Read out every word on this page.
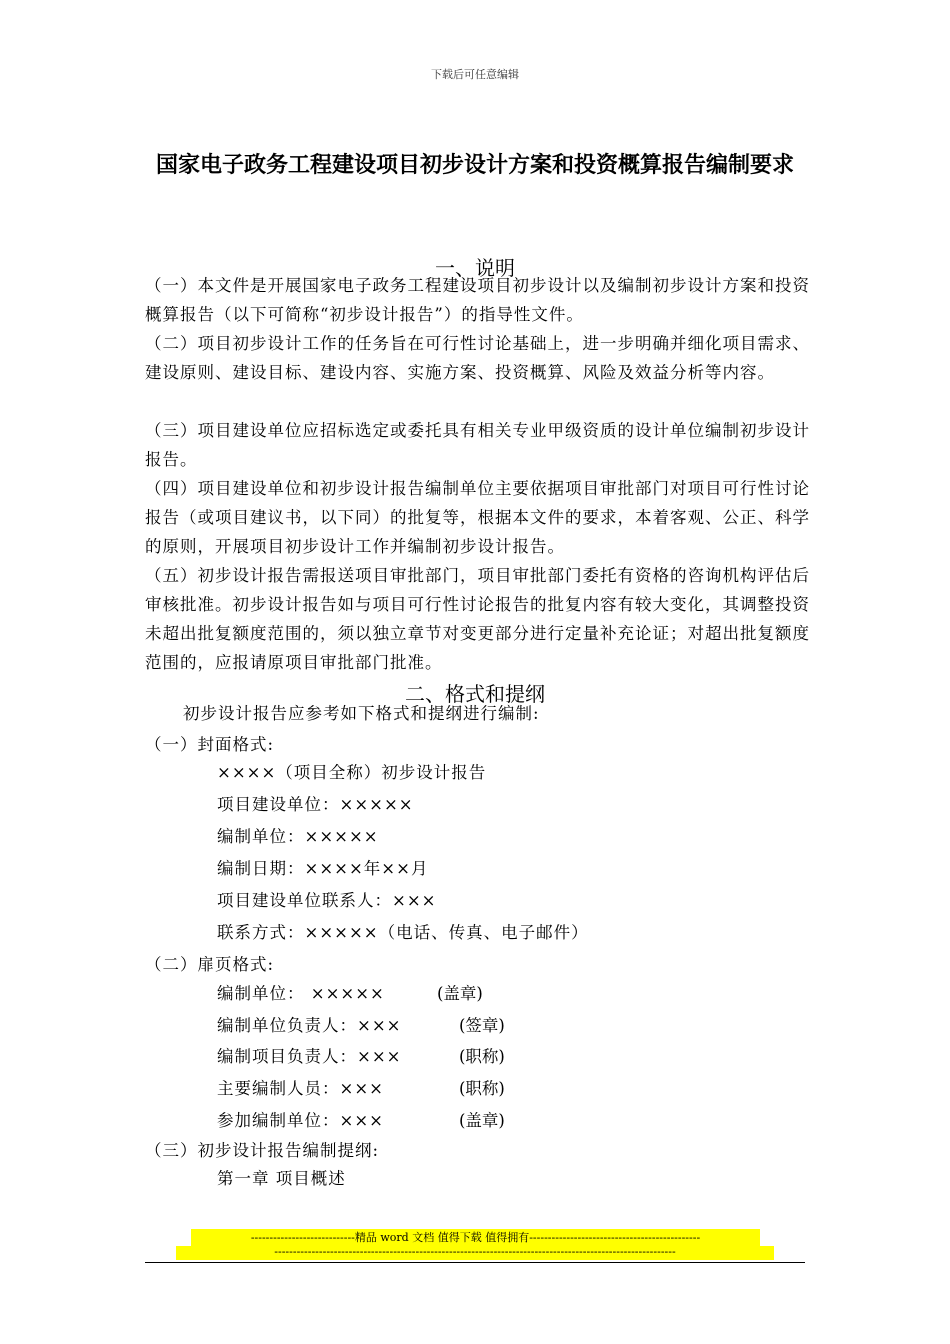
下载后可任意编辑
国家电子政务工程建设项目初步设计方案和投资概算报告编制要求
一、说明
（一）本文件是开展国家电子政务工程建设项目初步设计以及编制初步设计方案和投资概算报告（以下可简称“初步设计报告”）的指导性文件。
（二）项目初步设计工作的任务旨在可行性讨论基础上，进一步明确并细化项目需求、建设原则、建设目标、建设内容、实施方案、投资概算、风险及效益分析等内容。
（三）项目建设单位应招标选定或委托具有相关专业甲级资质的设计单位编制初步设计报告。
（四）项目建设单位和初步设计报告编制单位主要依据项目审批部门对项目可行性讨论报告（或项目建议书，以下同）的批复等，根据本文件的要求，本着客观、公正、科学的原则，开展项目初步设计工作并编制初步设计报告。
（五）初步设计报告需报送项目审批部门，项目审批部门委托有资格的咨询机构评估后审核批准。初步设计报告如与项目可行性讨论报告的批复内容有较大变化，其调整投资未超出批复额度范围的，须以独立章节对变更部分进行定量补充论证；对超出批复额度范围的，应报请原项目审批部门批准。
二、格式和提纲
初步设计报告应参考如下格式和提纲进行编制:
（一）封面格式:
××××（项目全称）初步设计报告
项目建设单位：×××××
编制单位：×××××
编制日期：××××年××月
项目建设单位联系人：×××
联系方式：×××××（电话、传真、电子邮件）
（二）扉页格式:
编制单位： ×××××	(盖章)
编制单位负责人：×××	(签章)
编制项目负责人：×××	(职称)
主要编制人员：×××	(职称)
参加编制单位：×××	(盖章)
（三）初步设计报告编制提纲:
第一章 项目概述
----------------------------精品 word 文档 值得下载 值得拥有----------------------------------------------
------------------------------------------------------------------------------------------------------------
